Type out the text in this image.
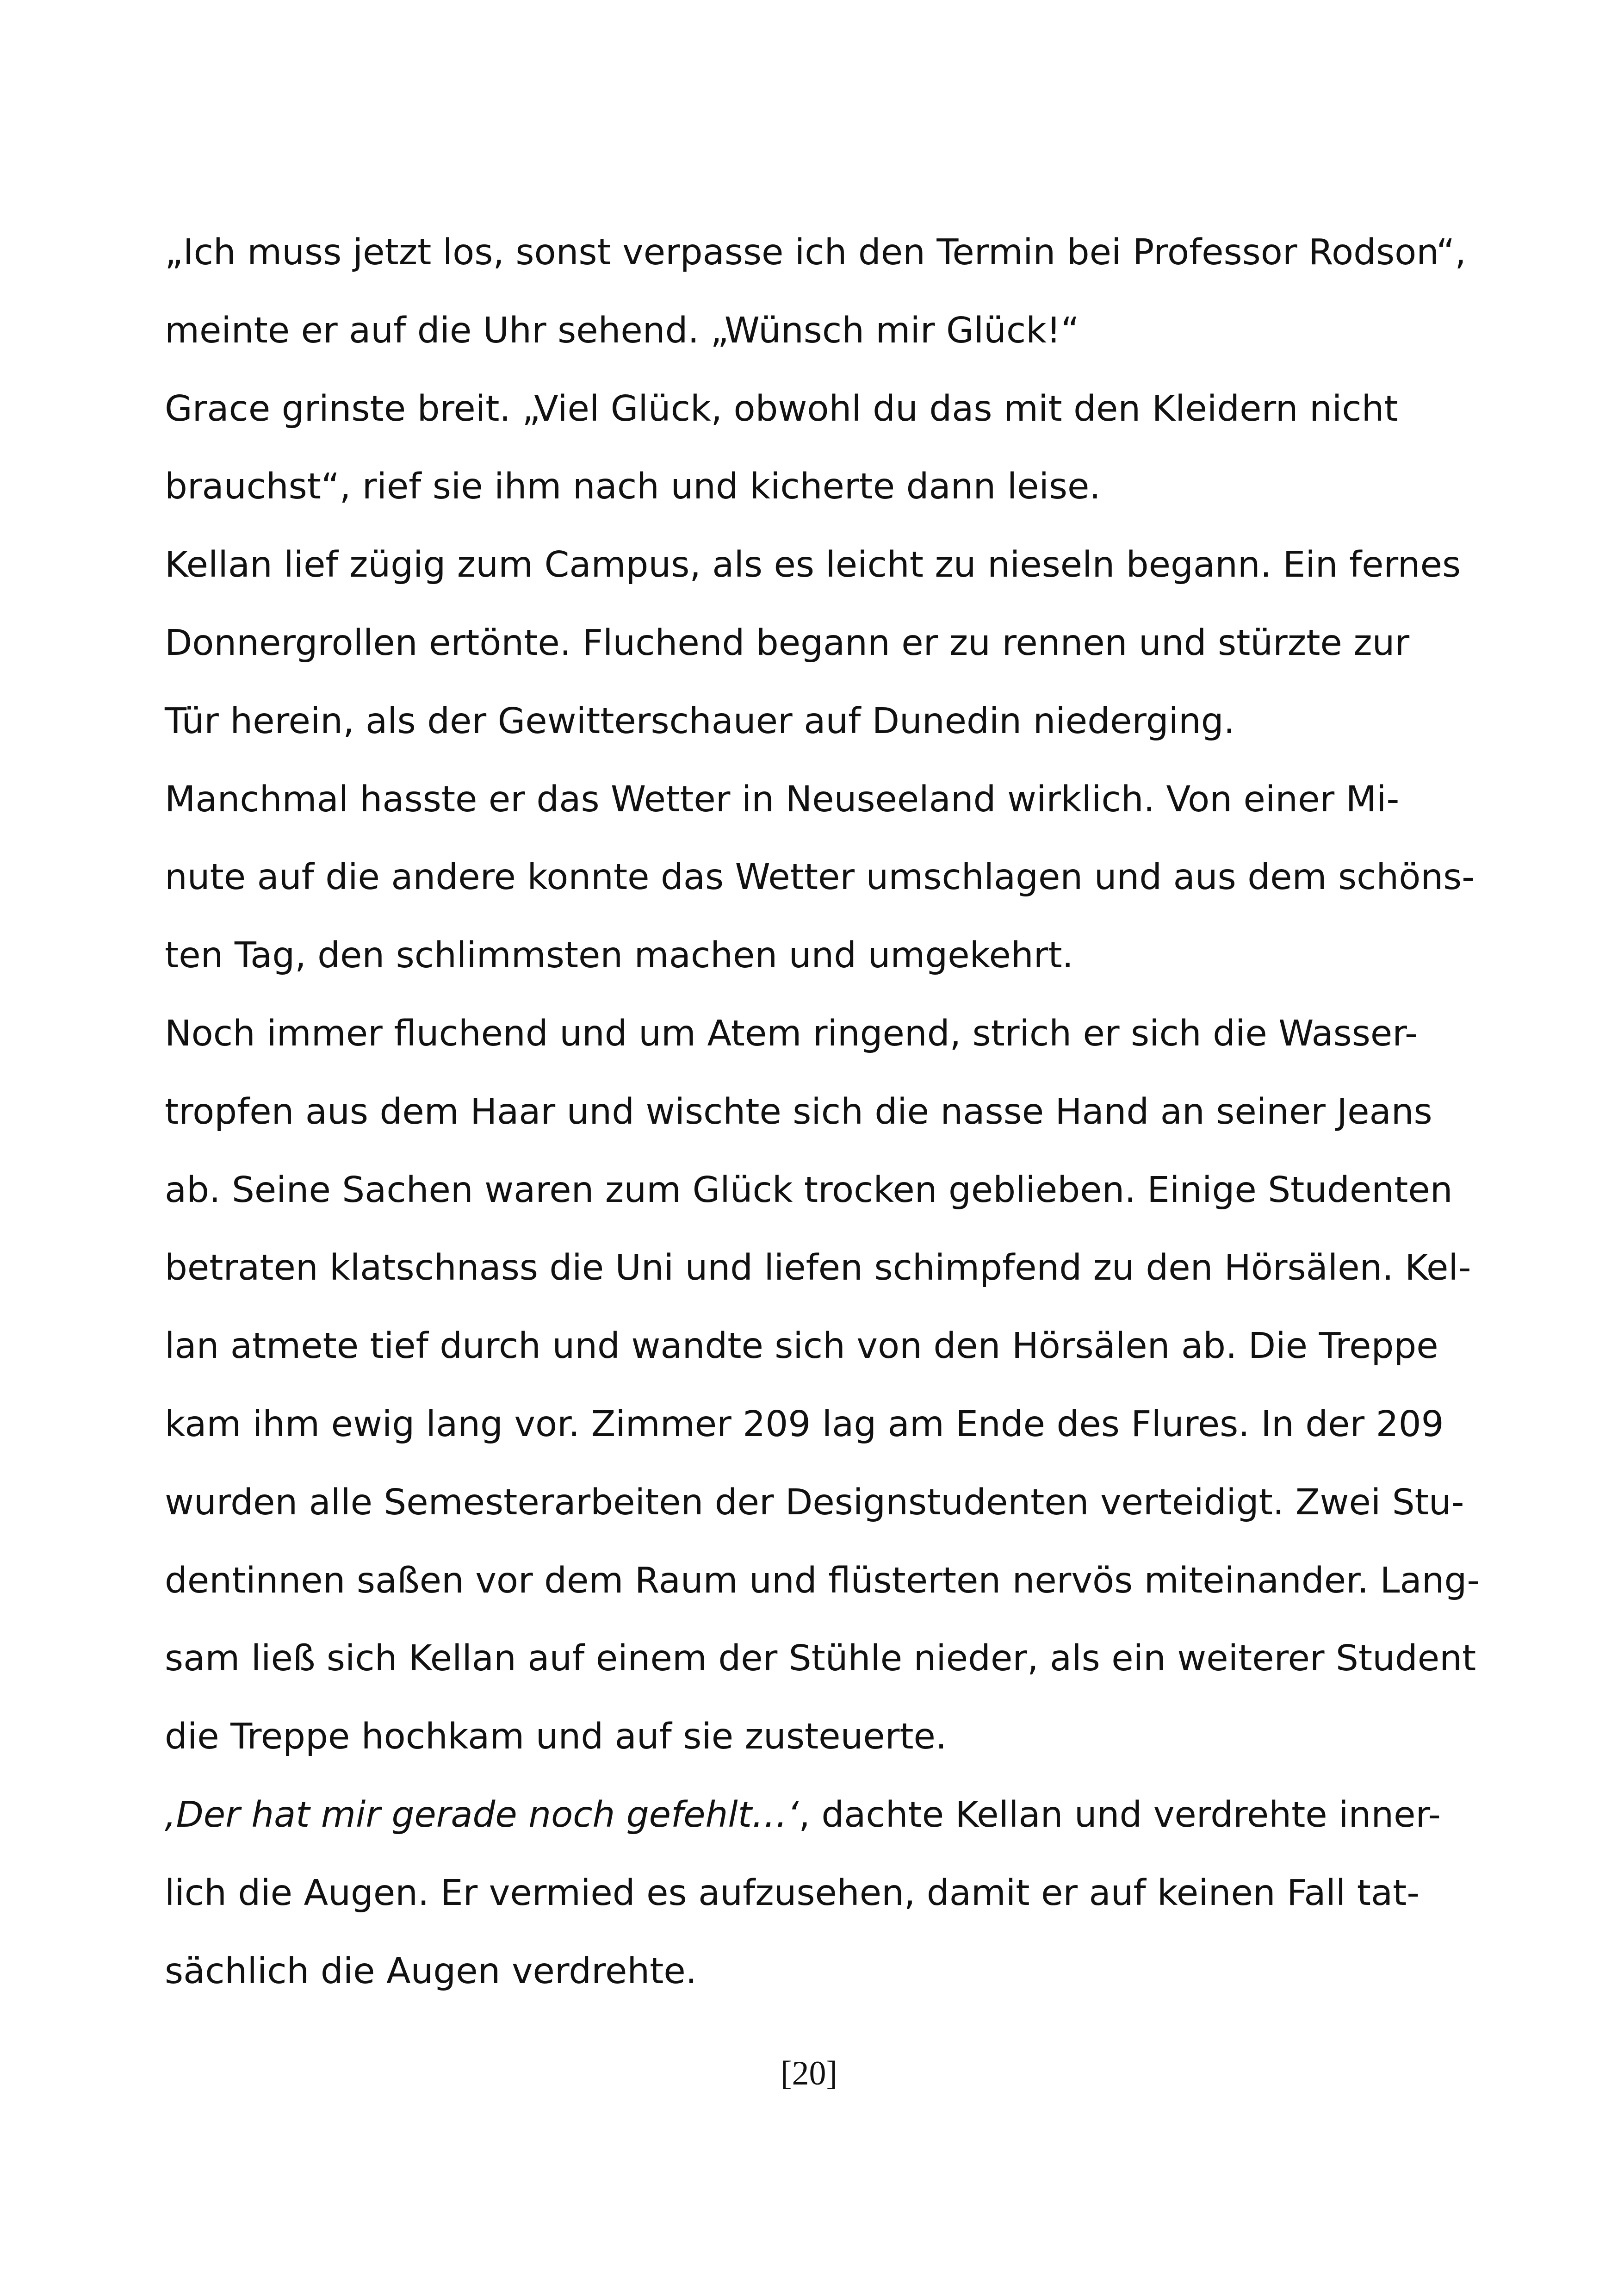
„Ich muss jetzt los, sonst verpasse ich den Termin bei Professor Rodson“,
meinte er auf die Uhr sehend. „Wünsch mir Glück!“
Grace grinste breit. „Viel Glück, obwohl du das mit den Kleidern nicht
brauchst“, rief sie ihm nach und kicherte dann leise.
Kellan lief zügig zum Campus, als es leicht zu nieseln begann. Ein fernes
Donnergrollen ertönte. Fluchend begann er zu rennen und stürzte zur
Tür herein, als der Gewitterschauer auf Dunedin niederging.
Manchmal hasste er das Wetter in Neuseeland wirklich. Von einer Mi-
nute auf die andere konnte das Wetter umschlagen und aus dem schöns-
ten Tag, den schlimmsten machen und umgekehrt.
Noch immer fluchend und um Atem ringend, strich er sich die Wasser-
tropfen aus dem Haar und wischte sich die nasse Hand an seiner Jeans
ab. Seine Sachen waren zum Glück trocken geblieben. Einige Studenten
betraten klatschnass die Uni und liefen schimpfend zu den Hörsälen. Kel-
lan atmete tief durch und wandte sich von den Hörsälen ab. Die Treppe
kam ihm ewig lang vor. Zimmer 209 lag am Ende des Flures. In der 209
wurden alle Semesterarbeiten der Designstudenten verteidigt. Zwei Stu-
dentinnen saßen vor dem Raum und flüsterten nervös miteinander. Lang-
sam ließ sich Kellan auf einem der Stühle nieder, als ein weiterer Student
die Treppe hochkam und auf sie zusteuerte.
‚Der hat mir gerade noch gefehlt…‘, dachte Kellan und verdrehte inner-
lich die Augen. Er vermied es aufzusehen, damit er auf keinen Fall tat-
sächlich die Augen verdrehte.
[20]
